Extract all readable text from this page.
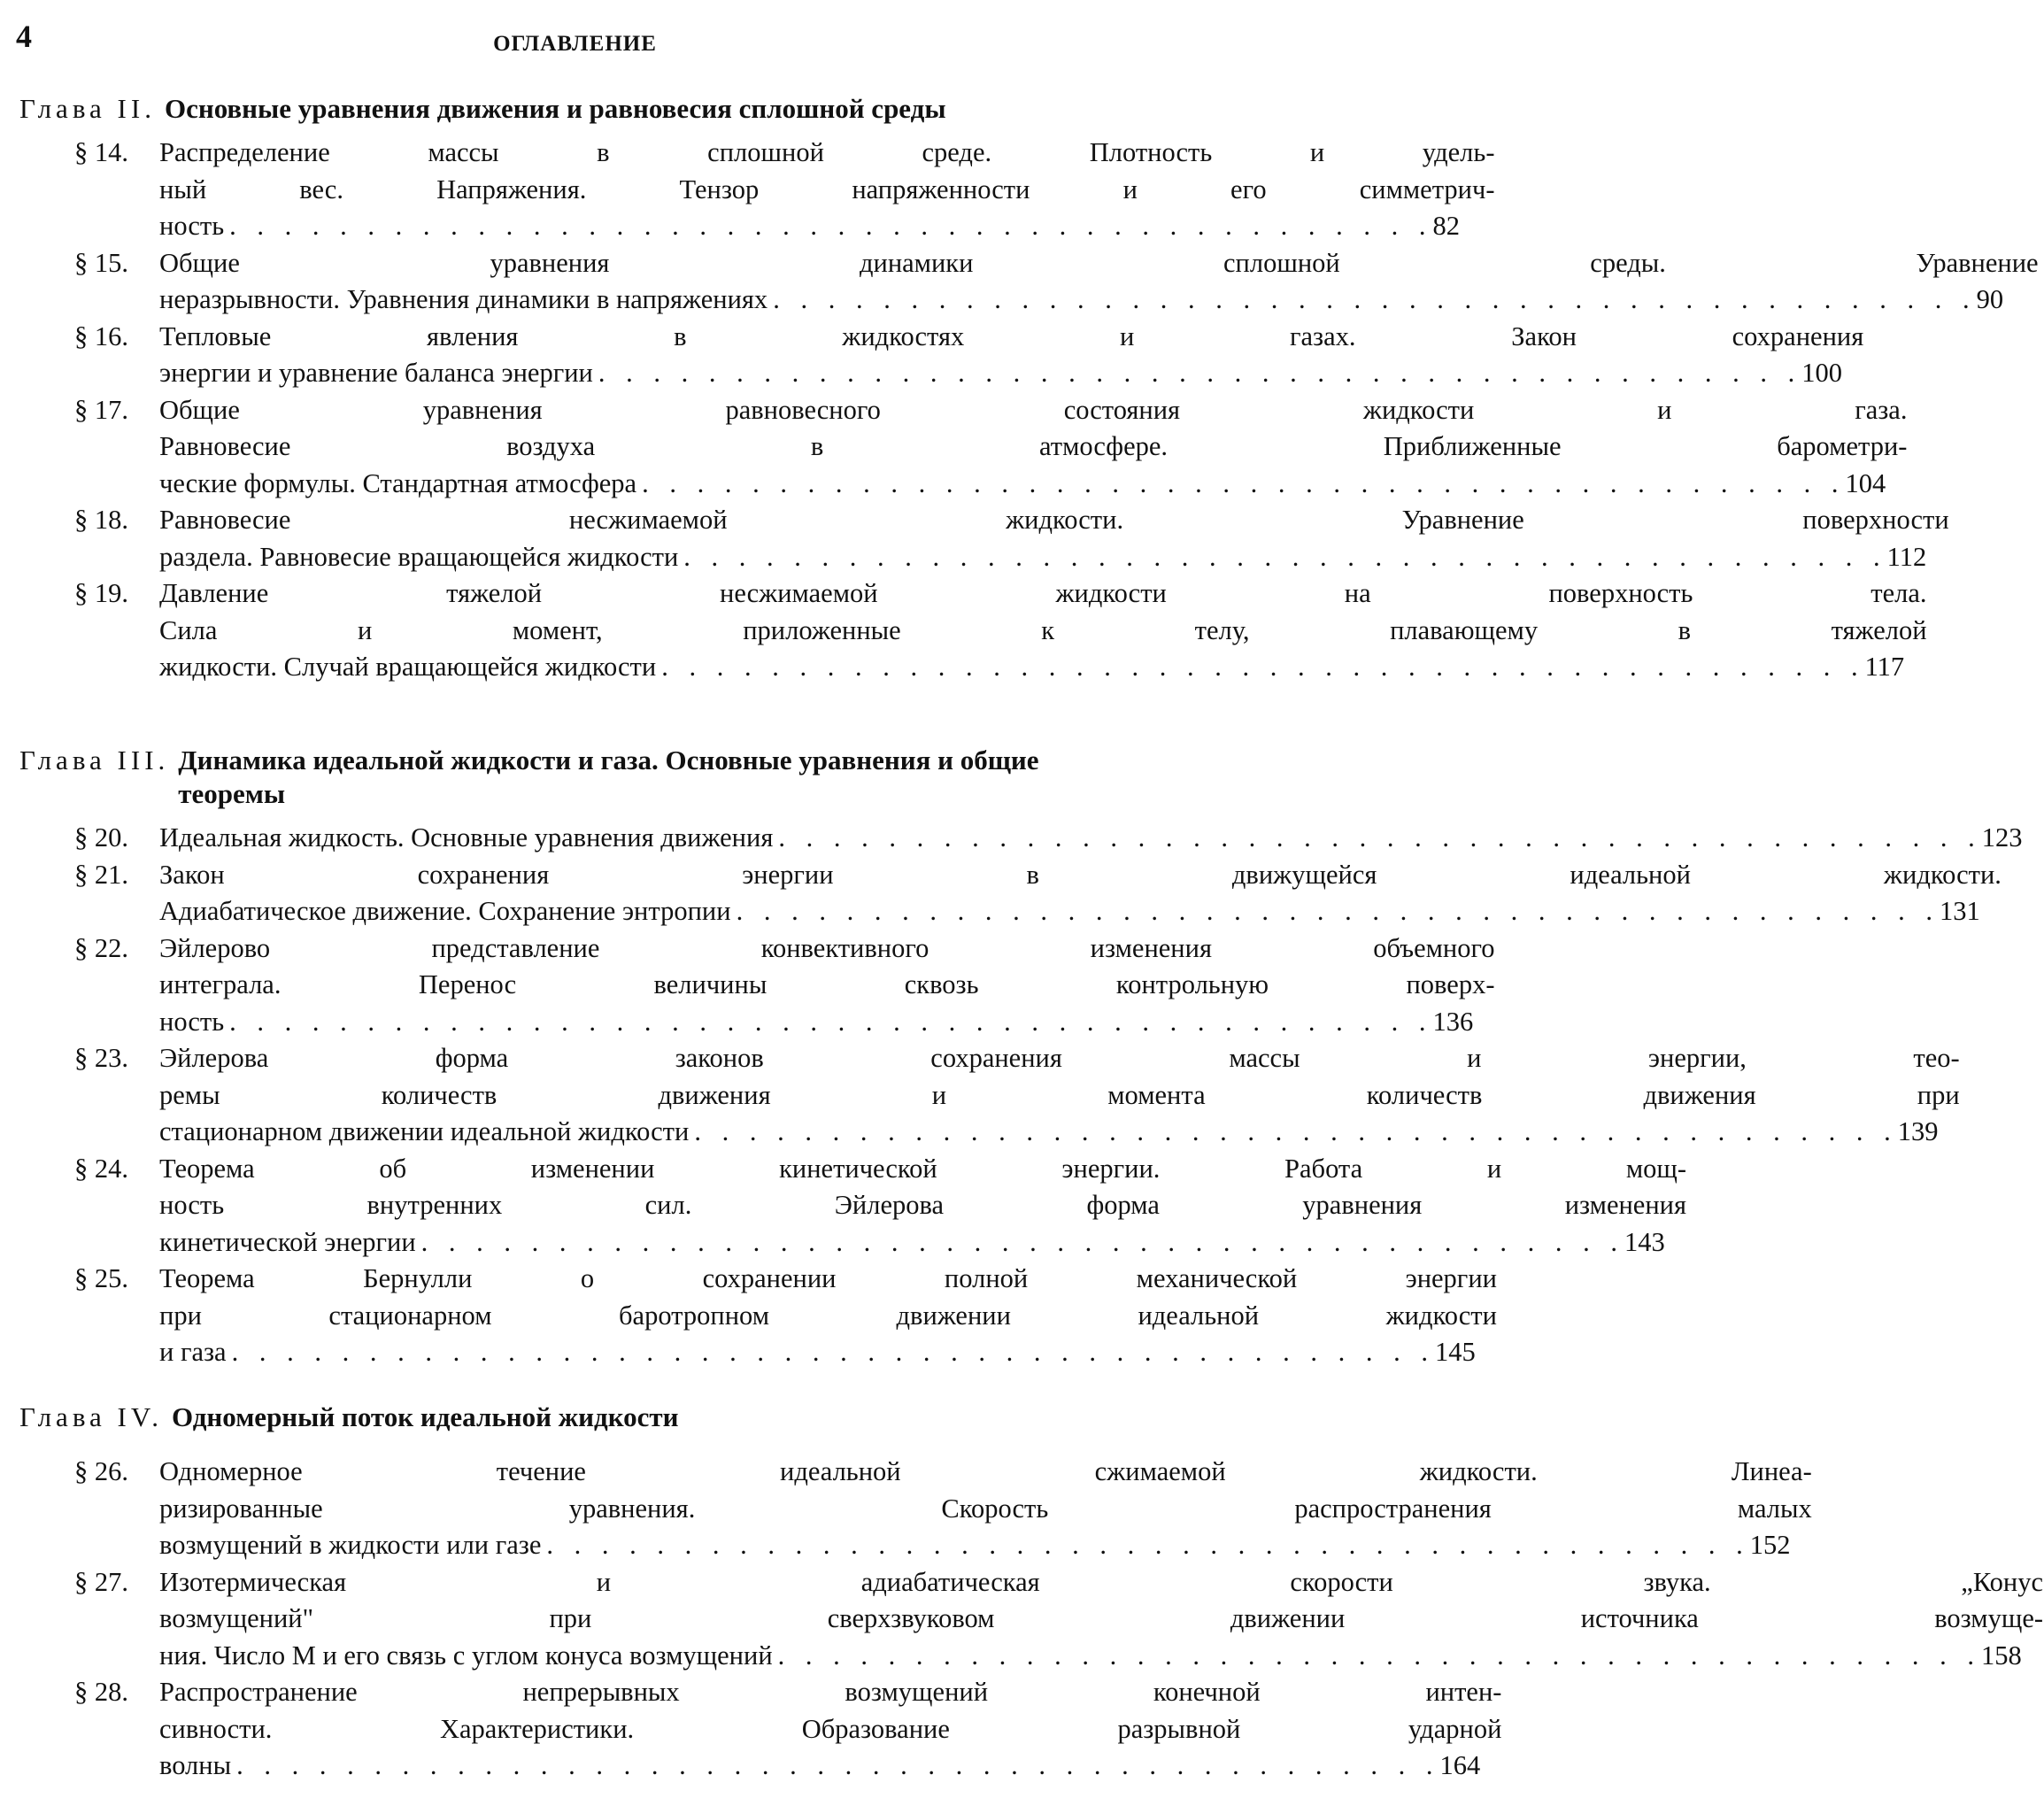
4	ОГЛАВЛЕНИЕ
Глава II. Основные уравнения движения и равновесия сплошной среды
§ 14.	Распределение массы в сплошной среде. Плотность и удель-
ный вес. Напряжения. Тензор напряженности и его симметрич-
ность . . .	82
§ 15.	Общие уравнения динамики сплошной среды. Уравнение
неразрывности. Уравнения динамики в напряжениях . . .	90
§ 16.	Тепловые явления в жидкостях и газах. Закон сохранения
энергии и уравнение баланса энергии . . .	100
§ 17.	Общие уравнения равновесного состояния жидкости и газа.
Равновесие воздуха в атмосфере. Приближенные барометри-
ческие формулы. Стандартная атмосфера . . .	104
§ 18.	Равновесие несжимаемой жидкости. Уравнение поверхности
раздела. Равновесие вращающейся жидкости . . .	112
§ 19.	Давление тяжелой несжимаемой жидкости на поверхность тела.
Сила и момент, приложенные к телу, плавающему в тяжелой
жидкости. Случай вращающейся жидкости . . .	117
Глава III. Динамика идеальной жидкости и газа. Основные уравнения и общие теоремы
§ 20.	Идеальная жидкость. Основные уравнения движения . . .	123
§ 21.	Закон сохранения энергии в движущейся идеальной жидкости.
Адиабатическое движение. Сохранение энтропии . . .	131
§ 22.	Эйлерово представление конвективного изменения объемного
интеграла. Перенос величины сквозь контрольную поверх-
ность . . .	136
§ 23.	Эйлерова форма законов сохранения массы и энергии, тео-
ремы количеств движения и момента количеств движения при
стационарном движении идеальной жидкости . . .	139
§ 24.	Теорема об изменении кинетической энергии. Работа и мощ-
ность внутренних сил. Эйлерова форма уравнения изменения
кинетической энергии . . .	143
§ 25.	Теорема Бернулли о сохранении полной механической энергии
при стационарном баротропном движении идеальной жидкости
и газа . . .	145
Глава IV. Одномерный поток идеальной жидкости
§ 26.	Одномерное течение идеальной сжимаемой жидкости. Линеа-
ризированные уравнения. Скорость распространения малых
возмущений в жидкости или газе . . .	152
§ 27.	Изотермическая и адиабатическая скорости звука. „Конус
возмущений" при сверхзвуковом движении источника возмуще-
ния. Число M и его связь с углом конуса возмущений . . .	158
§ 28.	Распространение непрерывных возмущений конечной интен-
сивности. Характеристики. Образование разрывной ударной
волны . . .	164
